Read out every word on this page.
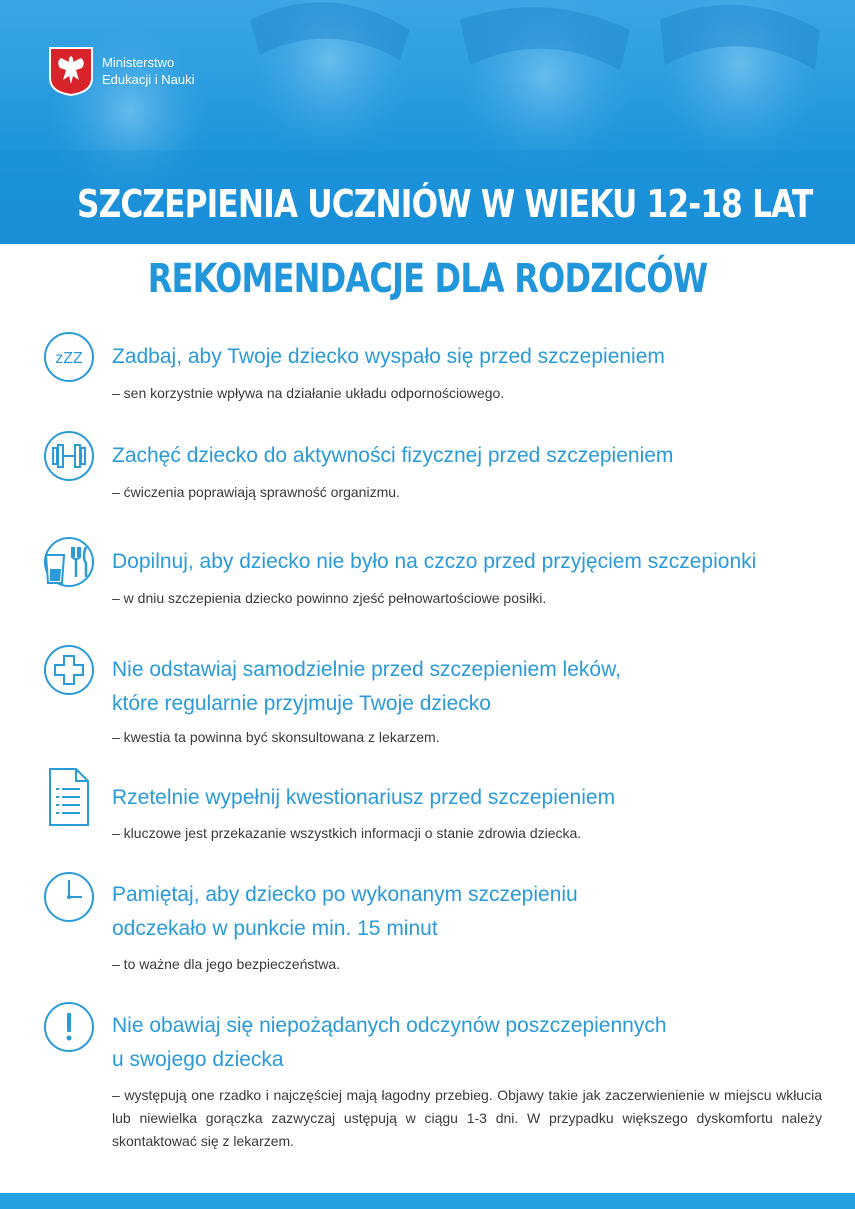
Ministerstwo
Edukacji i Nauki
SZCZEPIENIA UCZNIÓW W WIEKU 12-18 LAT
REKOMENDACJE DLA RODZICÓW
zZZ Zadbaj, aby Twoje dziecko wyspało się przed szczepieniem

– sen korzystnie wpływa na działanie układu odpornościowego.

Zachęć dziecko do aktywności fizycznej przed szczepieniem

– ćwiczenia poprawiają sprawność organizmu.

Dopilnuj, aby dziecko nie było na czczo przed przyjęciem szczepionki

– w dniu szczepienia dziecko powinno zjeść pełnowartościowe posiłki.

Nie odstawiaj samodzielnie przed szczepieniem leków,
które regularnie przyjmuje Twoje dziecko

– kwestia ta powinna być skonsultowana z lekarzem.

Rzetelnie wypełnij kwestionariusz przed szczepieniem

– kluczowe jest przekazanie wszystkich informacji o stanie zdrowia dziecka.

Pamiętaj, aby dziecko po wykonanym szczepieniu
odczekało w punkcie min. 15 minut

– to ważne dla jego bezpieczeństwa.

Nie obawiaj się niepożądanych odczynów poszczepiennych
u swojego dziecka

– występują one rzadko i najczęściej mają łagodny przebieg. Objawy takie jak zaczerwienienie w miejscu wkłucia lub niewielka gorączka zazwyczaj ustępują w ciągu 1-3 dni. W przypadku większego dyskomfortu należy skontaktować się z lekarzem.
